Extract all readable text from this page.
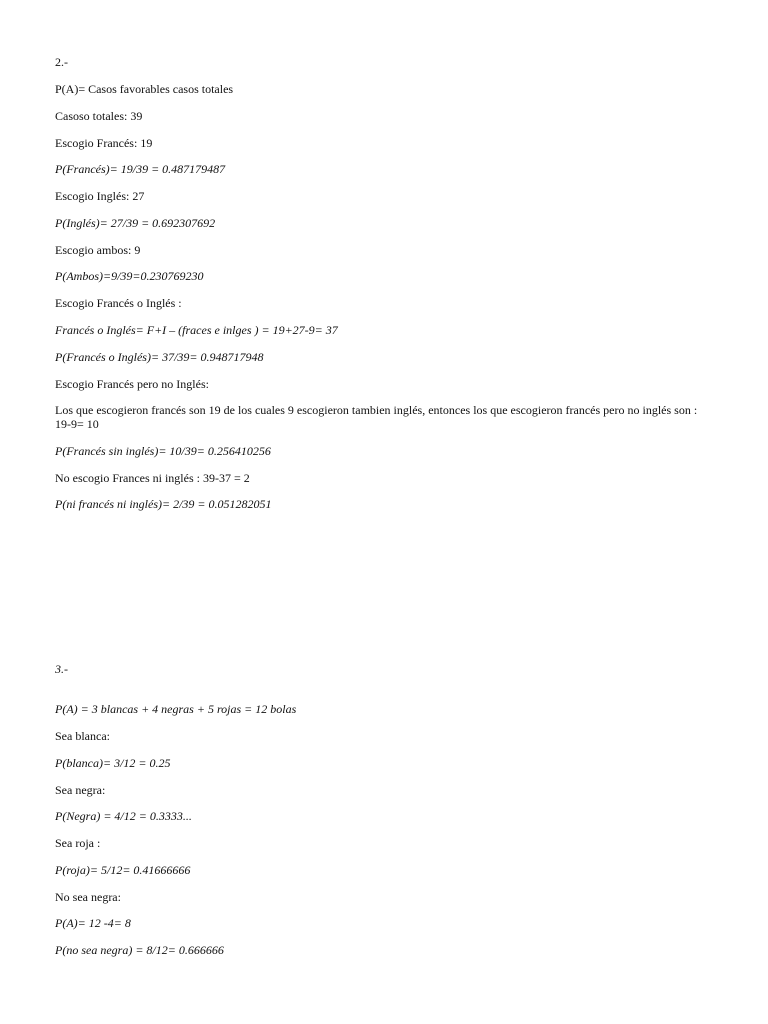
2.-
P(A)= Casos favorables casos totales
Casoso totales: 39
Escogio Francés: 19
P(Francés)= 19/39 = 0.487179487
Escogio Inglés: 27
P(Inglés)= 27/39 = 0.692307692
Escogio ambos: 9
P(Ambos)=9/39=0.230769230
Escogio Francés o Inglés :
Francés o Inglés= F+I – (fraces e inlges ) = 19+27-9= 37
P(Francés o Inglés)= 37/39= 0.948717948
Escogio Francés pero no Inglés:
Los que escogieron francés son 19 de los cuales 9 escogieron tambien inglés, entonces los que escogieron francés pero no inglés son : 19-9= 10
P(Francés sin inglés)= 10/39= 0.256410256
No escogio Frances ni inglés : 39-37 = 2
P(ni francés ni inglés)= 2/39 = 0.051282051
3.-
P(A) = 3 blancas + 4 negras + 5 rojas = 12 bolas
Sea blanca:
P(blanca)= 3/12 = 0.25
Sea negra:
P(Negra) = 4/12 = 0.3333...
Sea roja :
P(roja)= 5/12= 0.41666666
No sea negra:
P(A)= 12 -4= 8
P(no sea negra) = 8/12= 0.666666
